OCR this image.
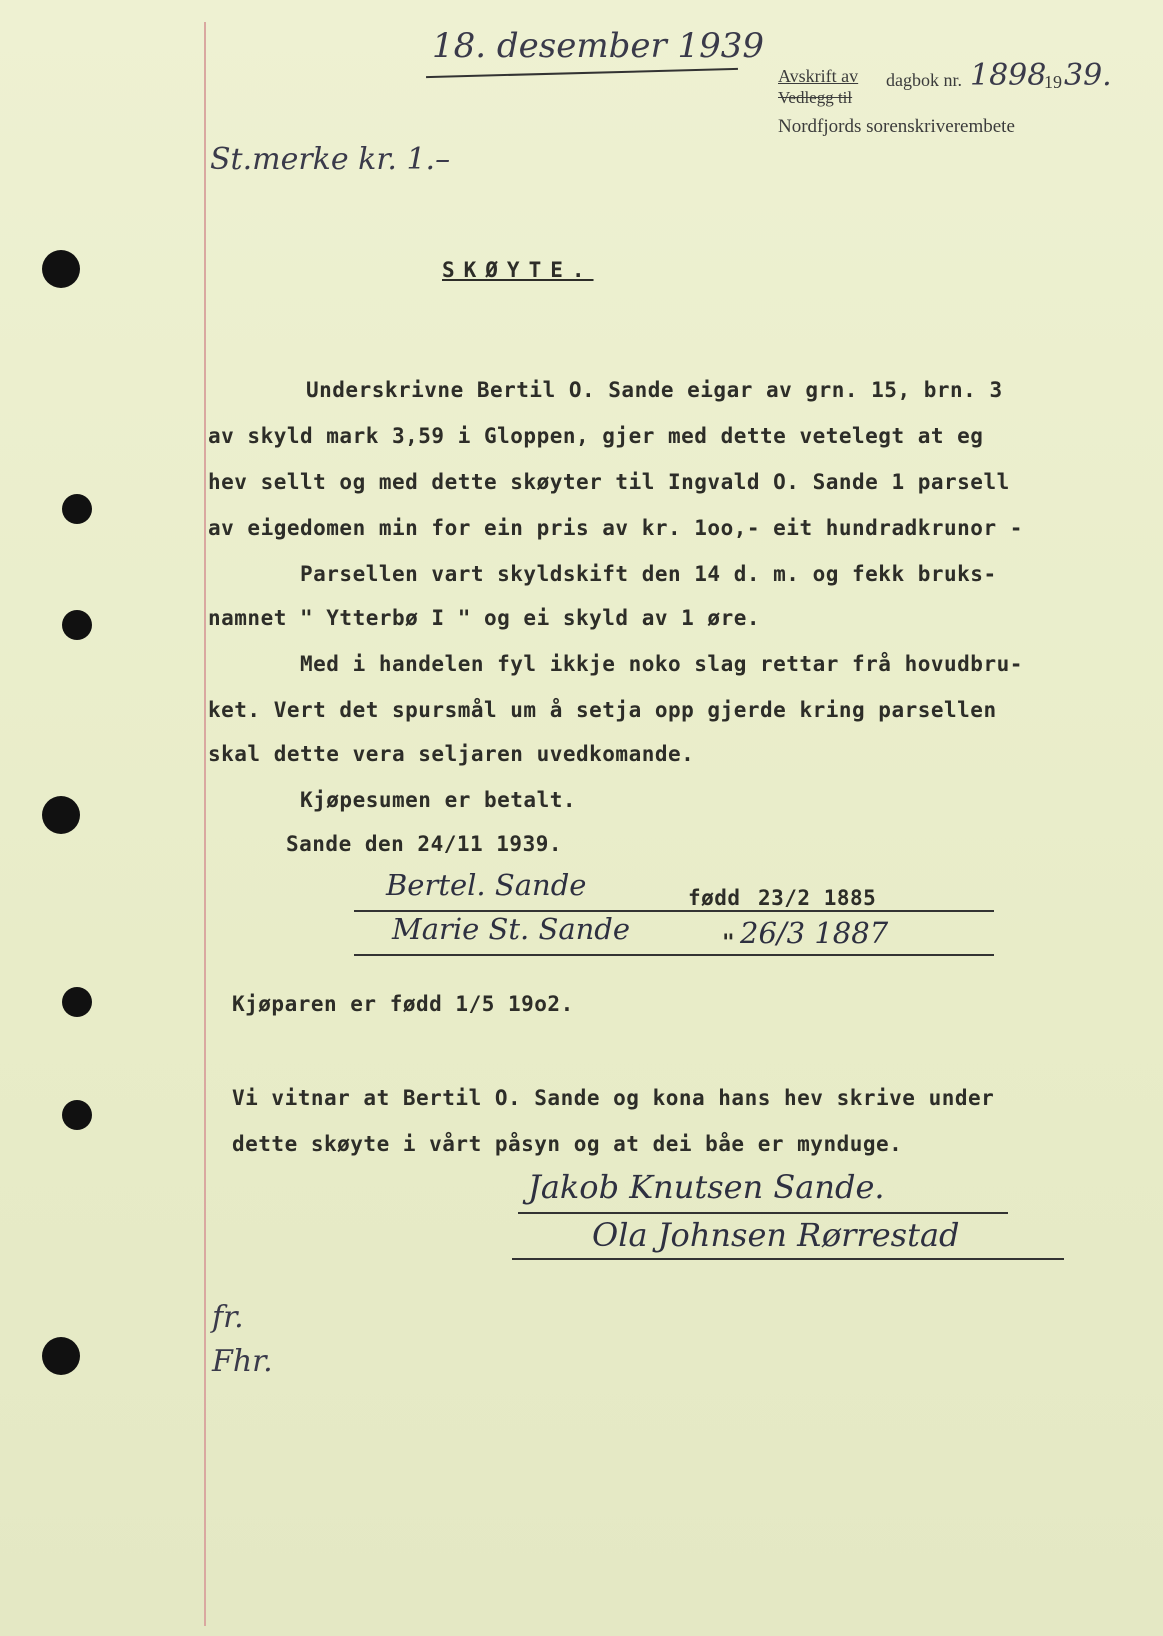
18. desember 1939
Avskrift av dagbok nr.
Vedlegg til
1898
19 39.
Nordfjords sorenskriverembete
St.merke kr. 1.–
SKØYTE.
Underskrivne Bertil O. Sande eigar av grn. 15, brn. 3
av skyld mark 3,59 i Gloppen, gjer med dette vetelegt at eg
hev sellt og med dette skøyter til Ingvald O. Sande 1 parsell
av eigedomen min for ein pris av kr. 1oo,- eit hundradkrunor -
Parsellen vart skyldskift den 14 d. m. og fekk bruks-
namnet " Ytterbø I " og ei skyld av 1 øre.
Med i handelen fyl ikkje noko slag rettar frå hovudbru-
ket. Vert det spursmål um å setja opp gjerde kring parsellen
skal dette vera seljaren uvedkomande.
Kjøpesumen er betalt.
Sande den 24/11 1939.
Bertel. Sande	fødd 23/2 1885
Marie St. Sande	" 26/3 1887
Kjøparen er fødd 1/5 19o2.
Vi vitnar at Bertil O. Sande og kona hans hev skrive under
dette skøyte i vårt påsyn og at dei båe er mynduge.
Jakob Knutsen Sande.
Ola Johnsen Rørrestad
fr. Fhr.
